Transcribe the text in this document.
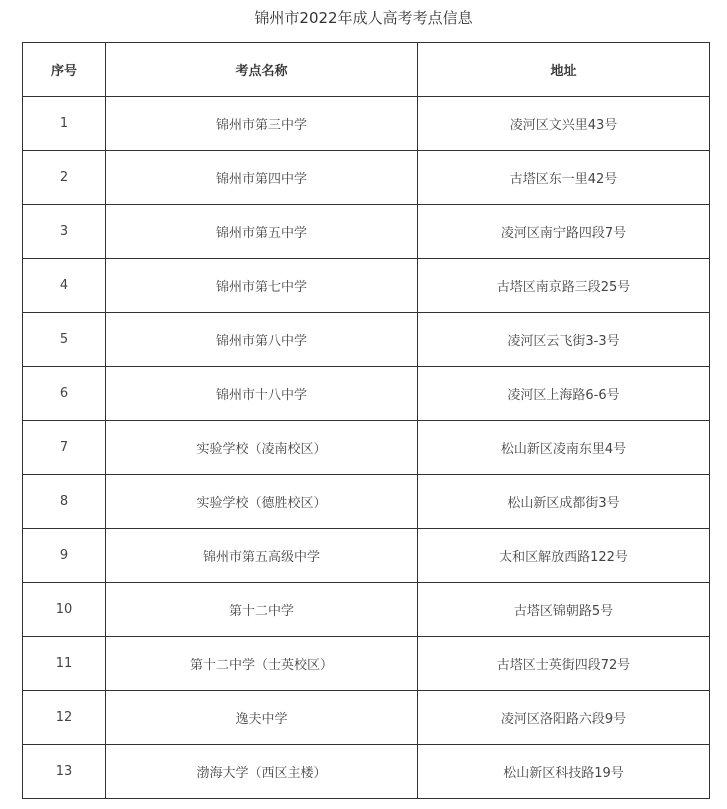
锦州市2022年成人高考考点信息
序号	考点名称	地址
1	锦州市第三中学	凌河区文兴里43号
2	锦州市第四中学	古塔区东一里42号
3	锦州市第五中学	凌河区南宁路四段7号
4	锦州市第七中学	古塔区南京路三段25号
5	锦州市第八中学	凌河区云飞街3-3号
6	锦州市十八中学	凌河区上海路6-6号
7	实验学校（凌南校区）	松山新区凌南东里4号
8	实验学校（德胜校区）	松山新区成都街3号
9	锦州市第五高级中学	太和区解放西路122号
10	第十二中学	古塔区锦朝路5号
11	第十二中学（士英校区）	古塔区士英街四段72号
12	逸夫中学	凌河区洛阳路六段9号
13	渤海大学（西区主楼）	松山新区科技路19号
